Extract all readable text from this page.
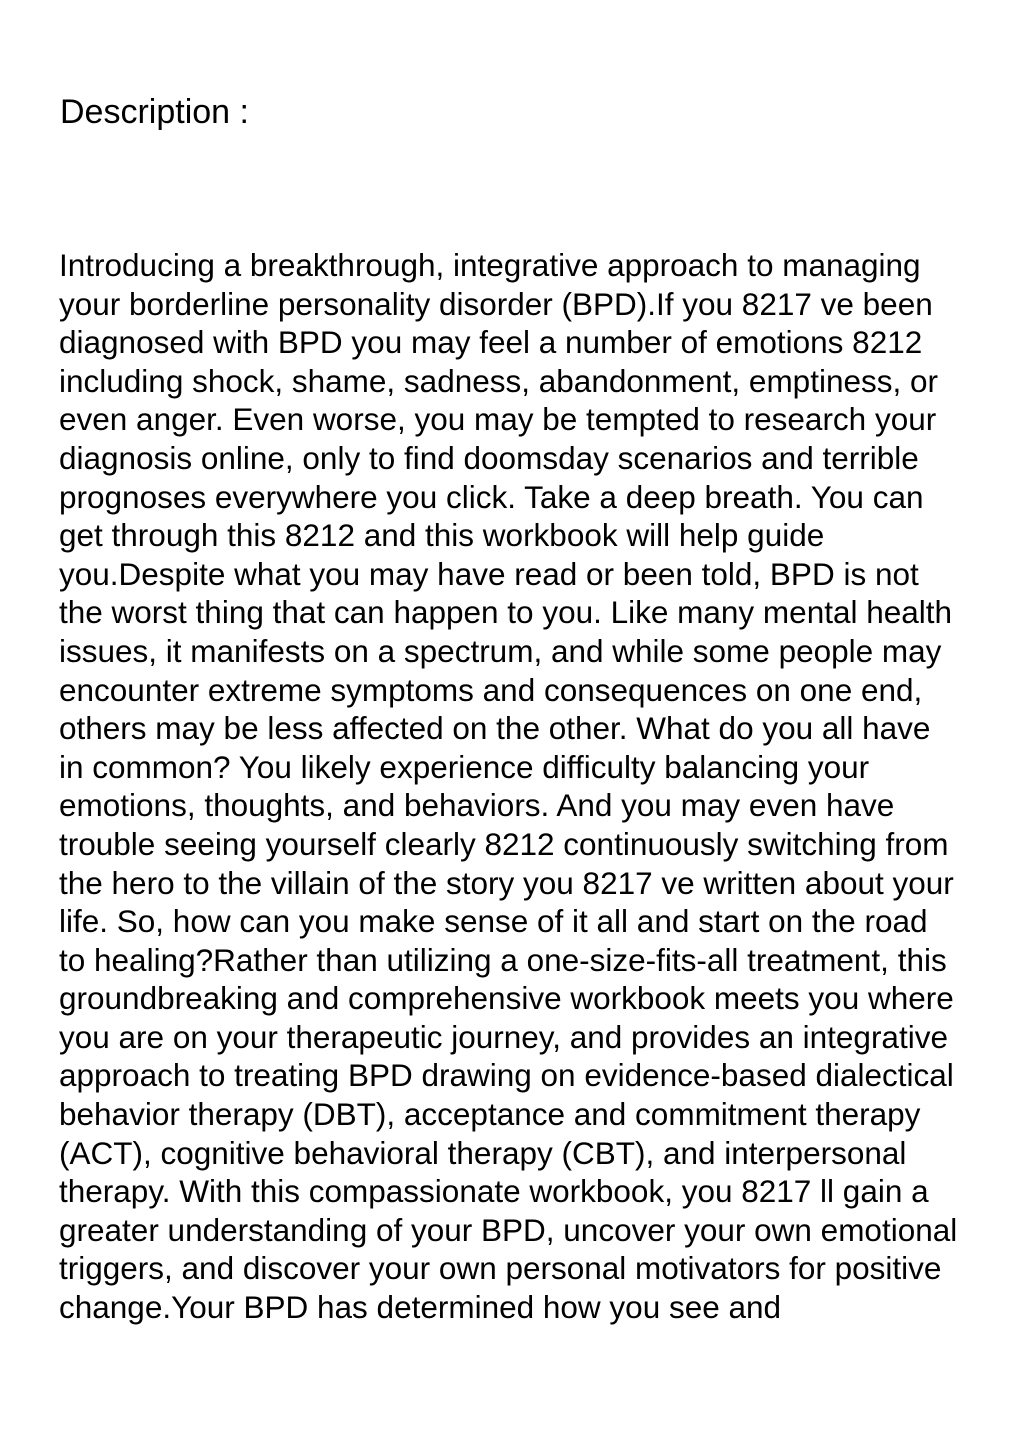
Description :
Introducing a breakthrough, integrative approach to managing your borderline personality disorder (BPD).If you 8217 ve been diagnosed with BPD you may feel a number of emotions 8212 including shock, shame, sadness, abandonment, emptiness, or even anger. Even worse, you may be tempted to research your diagnosis online, only to find doomsday scenarios and terrible prognoses everywhere you click. Take a deep breath. You can get through this 8212 and this workbook will help guide you.Despite what you may have read or been told, BPD is not the worst thing that can happen to you. Like many mental health issues, it manifests on a spectrum, and while some people may encounter extreme symptoms and consequences on one end, others may be less affected on the other. What do you all have in common? You likely experience difficulty balancing your emotions, thoughts, and behaviors. And you may even have trouble seeing yourself clearly 8212 continuously switching from the hero to the villain of the story you 8217 ve written about your life. So, how can you make sense of it all and start on the road to healing?Rather than utilizing a one-size-fits-all treatment, this groundbreaking and comprehensive workbook meets you where you are on your therapeutic journey, and provides an integrative approach to treating BPD drawing on evidence-based dialectical behavior therapy (DBT), acceptance and commitment therapy (ACT), cognitive behavioral therapy (CBT), and interpersonal therapy. With this compassionate workbook, you 8217 ll gain a greater understanding of your BPD, uncover your own emotional triggers, and discover your own personal motivators for positive change.Your BPD has determined how you see and
